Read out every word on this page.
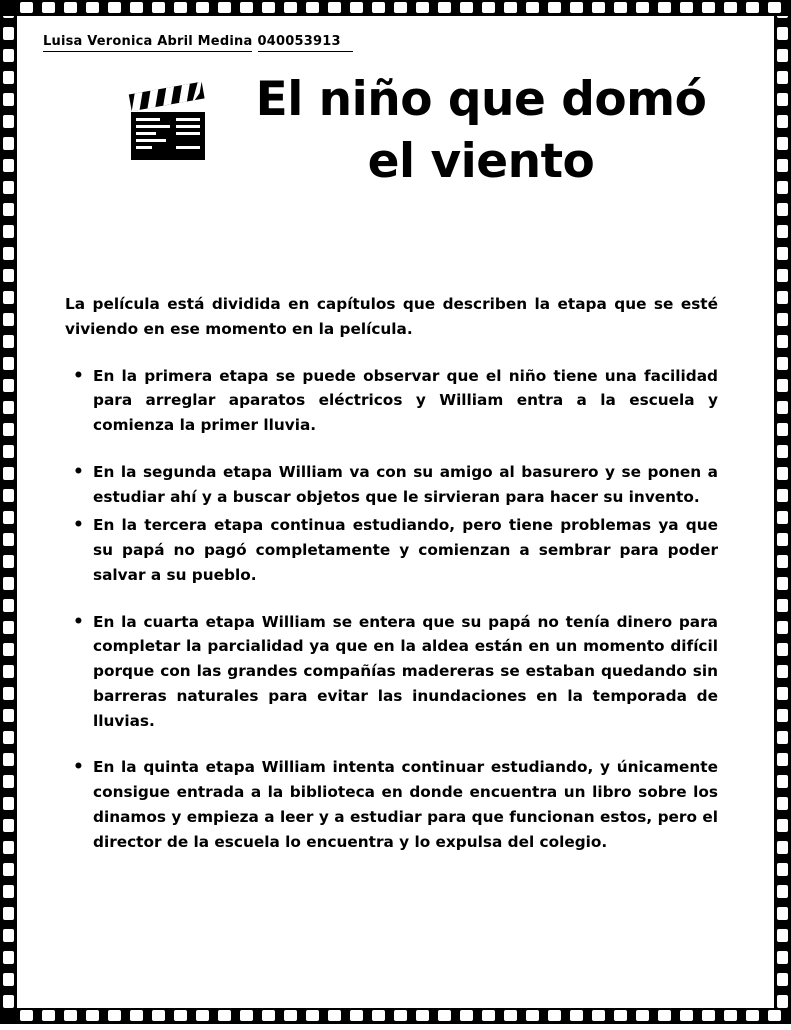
Luisa Veronica Abril Medina 040053913
El niño que domó
el viento

La película está dividida en capítulos que describen la etapa que se esté viviendo en ese momento en la película.

• En la primera etapa se puede observar que el niño tiene una facilidad para arreglar aparatos eléctricos y William entra a la escuela y comienza la primer lluvia.
• En la segunda etapa William va con su amigo al basurero y se ponen a estudiar ahí y a buscar objetos que le sirvieran para hacer su invento.
• En la tercera etapa continua estudiando, pero tiene problemas ya que su papá no pagó completamente y comienzan a sembrar para poder salvar a su pueblo.
• En la cuarta etapa William se entera que su papá no tenía dinero para completar la parcialidad ya que en la aldea están en un momento difícil porque con las grandes compañías madereras se estaban quedando sin barreras naturales para evitar las inundaciones en la temporada de lluvias.
• En la quinta etapa William intenta continuar estudiando, y únicamente consigue entrada a la biblioteca en donde encuentra un libro sobre los dinamos y empieza a leer y a estudiar para que funcionan estos, pero el director de la escuela lo encuentra y lo expulsa del colegio.
